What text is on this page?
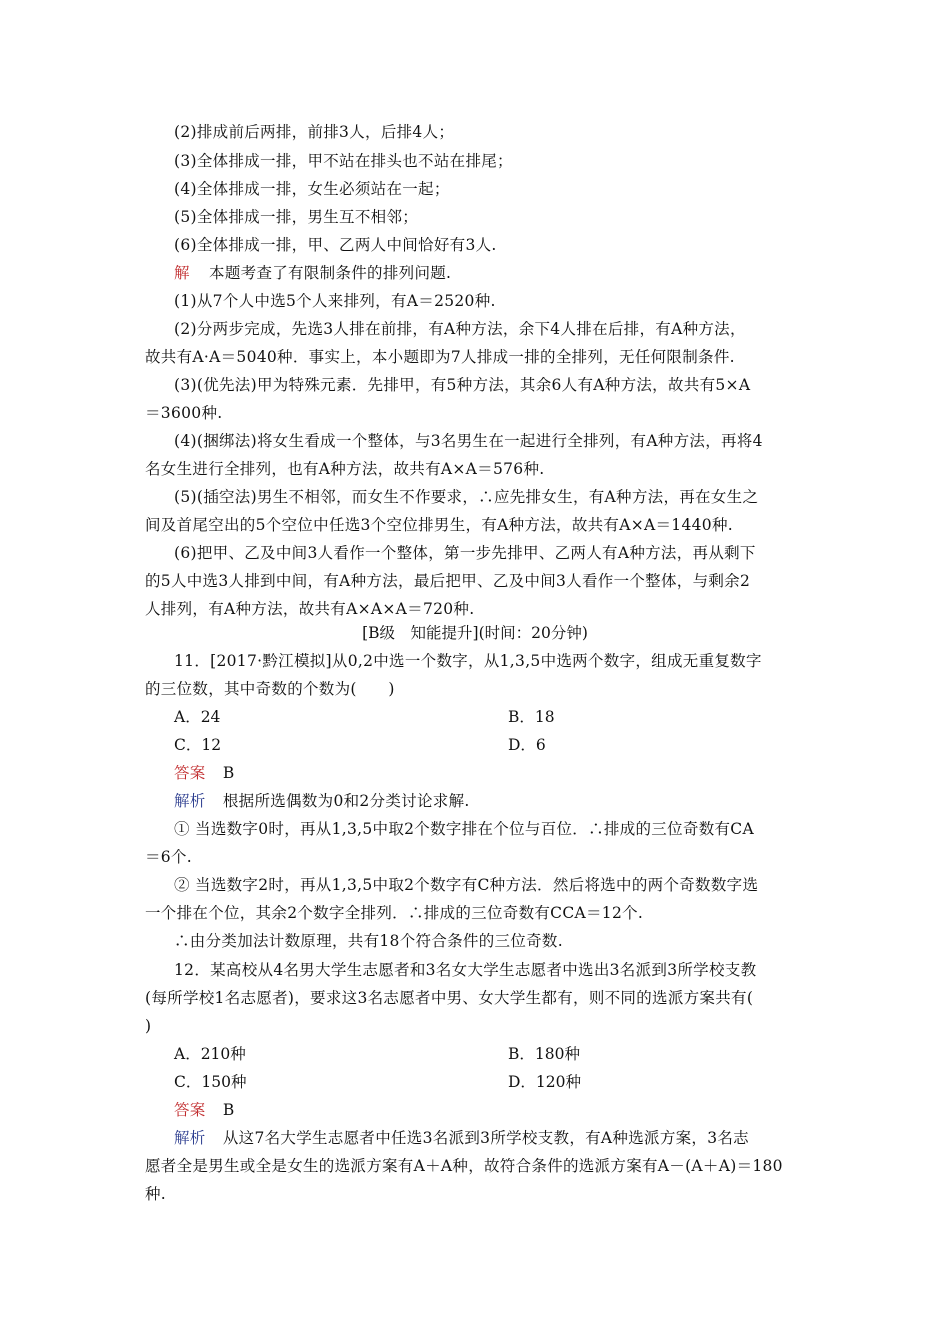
(2)排成前后两排，前排3人，后排4人；
(3)全体排成一排，甲不站在排头也不站在排尾；
(4)全体排成一排，女生必须站在一起；
(5)全体排成一排，男生互不相邻；
(6)全体排成一排，甲、乙两人中间恰好有3人.
解 本题考查了有限制条件的排列问题.
(1)从7个人中选5个人来排列，有A＝2520种.
(2)分两步完成，先选3人排在前排，有A种方法，余下4人排在后排，有A种方法，
故共有A·A＝5040种．事实上，本小题即为7人排成一排的全排列，无任何限制条件.
(3)(优先法)甲为特殊元素．先排甲，有5种方法，其余6人有A种方法，故共有5×A
＝3600种.
(4)(捆绑法)将女生看成一个整体，与3名男生在一起进行全排列，有A种方法，再将4
名女生进行全排列，也有A种方法，故共有A×A＝576种.
(5)(插空法)男生不相邻，而女生不作要求，∴应先排女生，有A种方法，再在女生之
间及首尾空出的5个空位中任选3个空位排男生，有A种方法，故共有A×A＝1440种.
(6)把甲、乙及中间3人看作一个整体，第一步先排甲、乙两人有A种方法，再从剩下
的5人中选3人排到中间，有A种方法，最后把甲、乙及中间3人看作一个整体，与剩余2
人排列，有A种方法，故共有A×A×A＝720种.
[B级　知能提升](时间：20分钟)
11．[2017·黔江模拟]从0,2中选一个数字，从1,3,5中选两个数字，组成无重复数字
的三位数，其中奇数的个数为(　　)
A．24	B．18
C．12	D．6
答案 B
解析 根据所选偶数为0和2分类讨论求解.
① 当选数字0时，再从1,3,5中取2个数字排在个位与百位．∴排成的三位奇数有CA
＝6个.
② 当选数字2时，再从1,3,5中取2个数字有C种方法．然后将选中的两个奇数数字选
一个排在个位，其余2个数字全排列．∴排成的三位奇数有CCA＝12个.
∴由分类加法计数原理，共有18个符合条件的三位奇数.
12．某高校从4名男大学生志愿者和3名女大学生志愿者中选出3名派到3所学校支教
(每所学校1名志愿者)，要求这3名志愿者中男、女大学生都有，则不同的选派方案共有(
)
A．210种	B．180种
C．150种	D．120种
答案 B
解析 从这7名大学生志愿者中任选3名派到3所学校支教，有A种选派方案，3名志
愿者全是男生或全是女生的选派方案有A＋A种，故符合条件的选派方案有A－(A＋A)＝180
种.
